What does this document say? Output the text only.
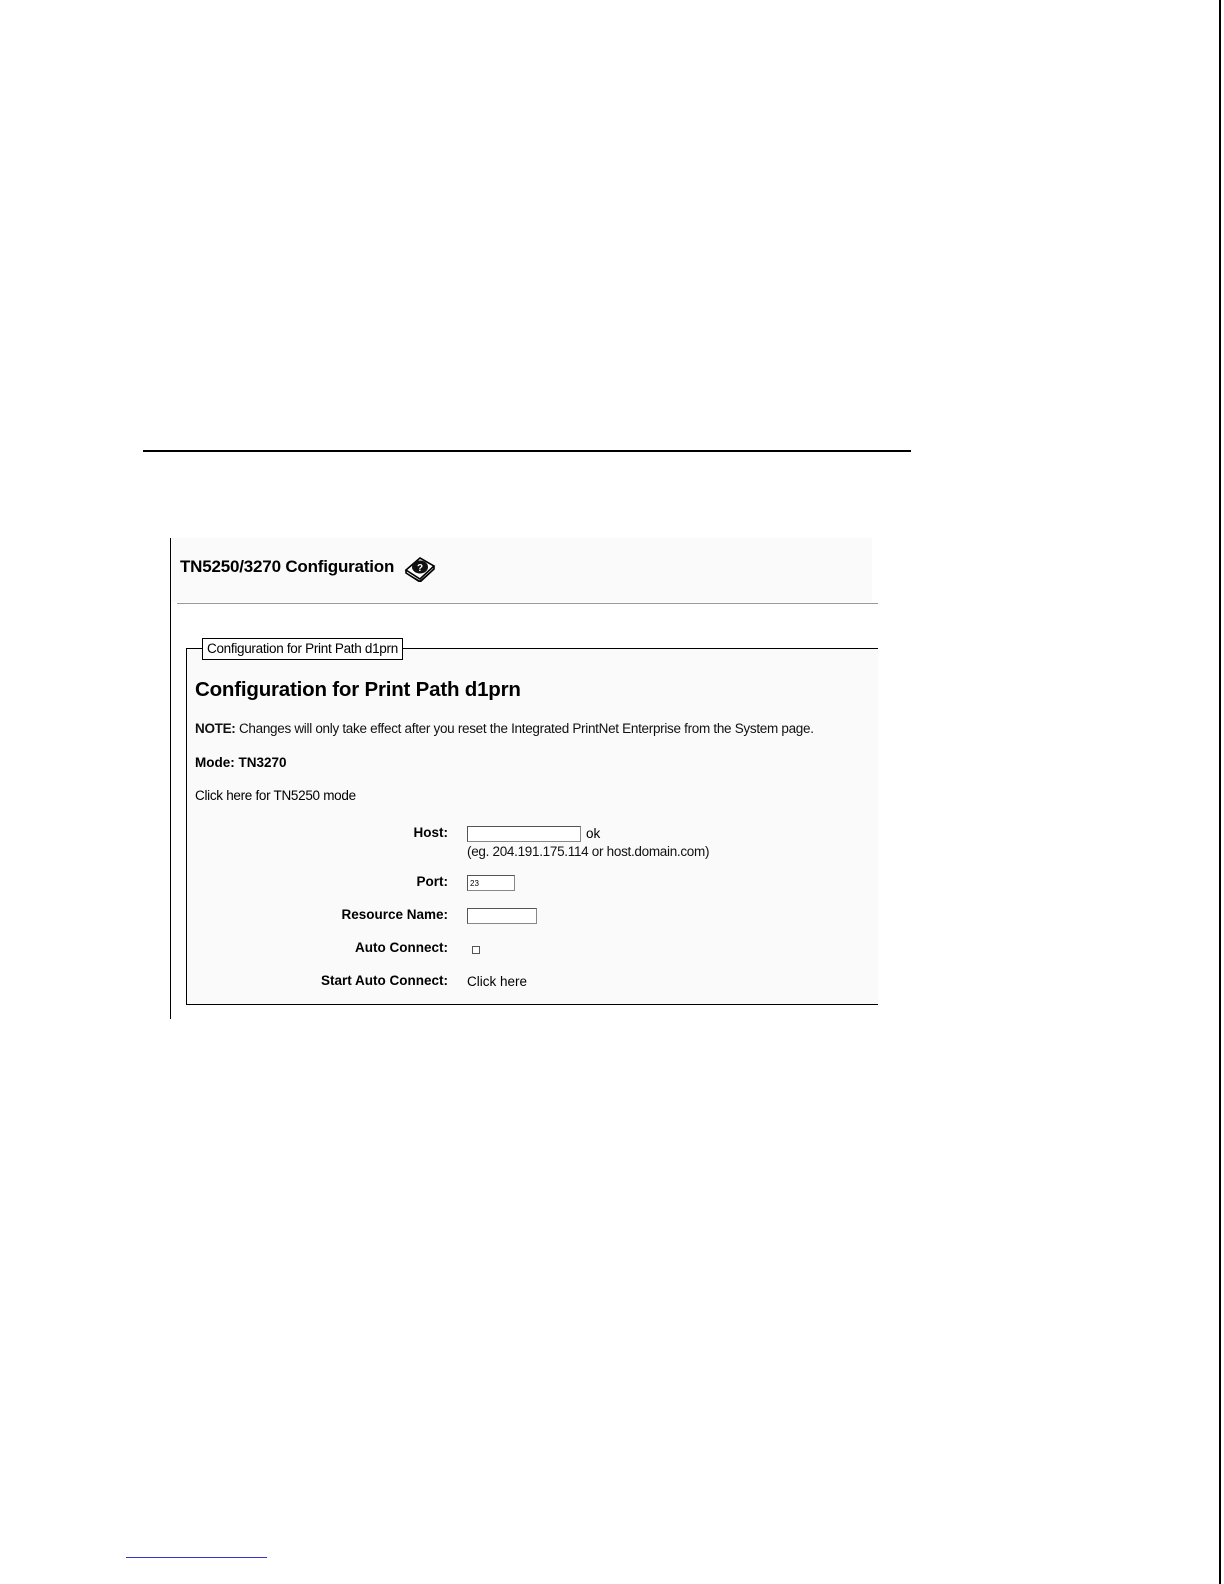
TN5250/3270 Configuration ?
Configuration for Print Path d1prn
Configuration for Print Path d1prn
NOTE: Changes will only take effect after you reset the Integrated PrintNet Enterprise from the System page.
Mode: TN3270
Click here for TN5250 mode
Host:	ok
(eg. 204.191.175.114 or host.domain.com)
Port:
23
Resource Name:
Auto Connect:
Start Auto Connect: Click here
